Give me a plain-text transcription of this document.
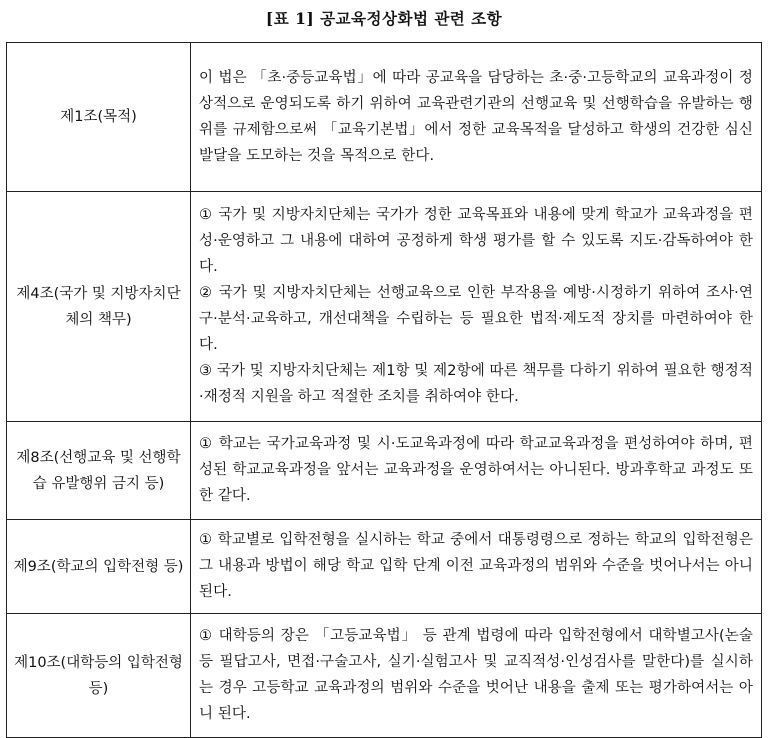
[표 1] 공교육정상화법 관련 조항
제1조(목적)	이 법은 「초·중등교육법」에 따라 공교육을 담당하는 초·중·고등학교의 교육과정이 정상적으로 운영되도록 하기 위하여 교육관련기관의 선행교육 및 선행학습을 유발하는 행위를 규제함으로써 「교육기본법」에서 정한 교육목적을 달성하고 학생의 건강한 심신 발달을 도모하는 것을 목적으로 한다.

제4조(국가 및 지방자치단체의 책무)	① 국가 및 지방자치단체는 국가가 정한 교육목표와 내용에 맞게 학교가 교육과정을 편성·운영하고 그 내용에 대하여 공정하게 학생 평가를 할 수 있도록 지도·감독하여야 한다.
② 국가 및 지방자치단체는 선행교육으로 인한 부작용을 예방·시정하기 위하여 조사·연구·분석·교육하고, 개선대책을 수립하는 등 필요한 법적·제도적 장치를 마련하여야 한다.
③ 국가 및 지방자치단체는 제1항 및 제2항에 따른 책무를 다하기 위하여 필요한 행정적·재정적 지원을 하고 적절한 조치를 취하여야 한다.

제8조(선행교육 및 선행학습 유발행위 금지 등)	① 학교는 국가교육과정 및 시·도교육과정에 따라 학교교육과정을 편성하여야 하며, 편성된 학교교육과정을 앞서는 교육과정을 운영하여서는 아니된다. 방과후학교 과정도 또한 같다.

제9조(학교의 입학전형 등)	① 학교별로 입학전형을 실시하는 학교 중에서 대통령령으로 정하는 학교의 입학전형은 그 내용과 방법이 해당 학교 입학 단계 이전 교육과정의 범위와 수준을 벗어나서는 아니 된다.

제10조(대학등의 입학전형 등)	① 대학등의 장은 「고등교육법」 등 관계 법령에 따라 입학전형에서 대학별고사(논술 등 필답고사, 면접·구술고사, 실기·실험고사 및 교직적성·인성검사를 말한다)를 실시하는 경우 고등학교 교육과정의 범위와 수준을 벗어난 내용을 출제 또는 평가하여서는 아니 된다.
